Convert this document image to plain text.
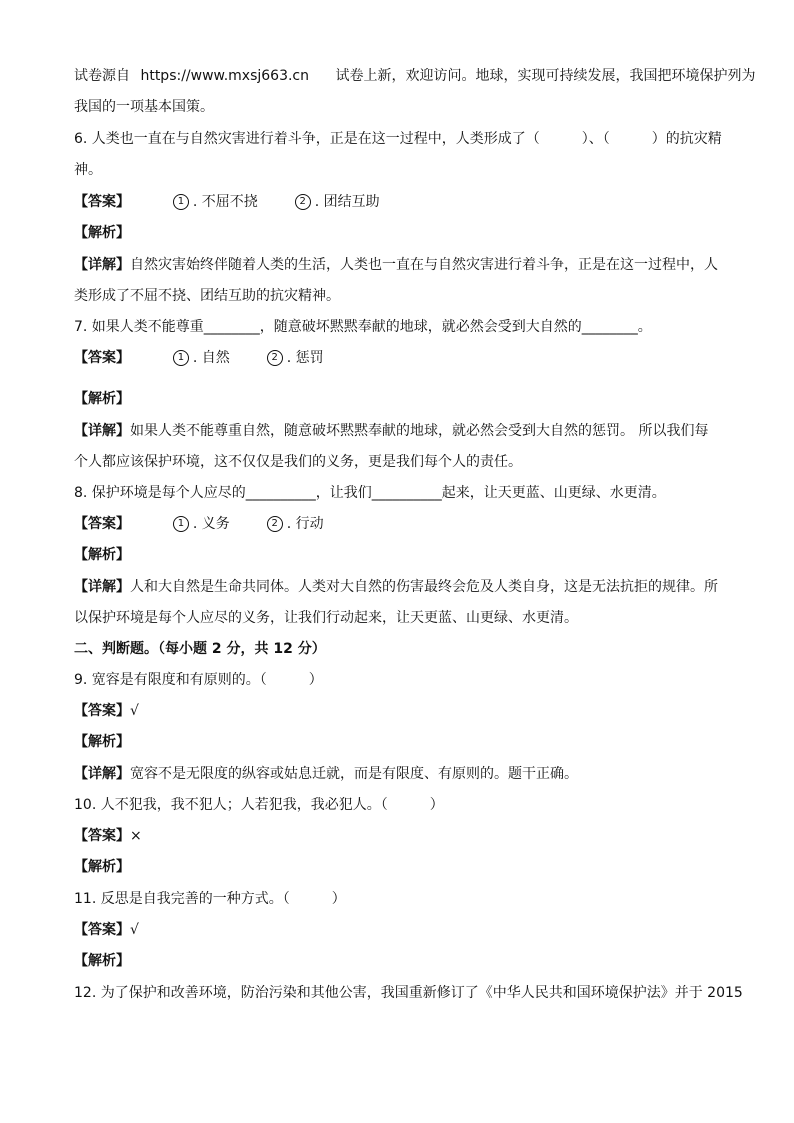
试卷源自 https://www.mxsj663.cn 试卷上新，欢迎访问。地球，实现可持续发展，我国把环境保护列为
我国的一项基本国策。
6. 人类也一直在与自然灾害进行着斗争，正是在这一过程中，人类形成了（　　　）、（　　　）的抗灾精
神。
【答案】	1 . 不屈不挠	2 . 团结互助
【解析】
【详解】自然灾害始终伴随着人类的生活，人类也一直在与自然灾害进行着斗争，正是在这一过程中，人
类形成了不屈不挠、团结互助的抗灾精神。
7. 如果人类不能尊重________，随意破坏黙黙奉献的地球，就必然会受到大自然的________。
【答案】	1 . 自然	2 . 惩罚
【解析】
【详解】如果人类不能尊重自然，随意破坏黙黙奉献的地球，就必然会受到大自然的惩罚。 所以我们每
个人都应该保护环境，这不仅仅是我们的义务，更是我们每个人的责任。
8. 保护环境是每个人应尽的__________，让我们__________起来，让天更蓝、山更绿、水更清。
【答案】	1 . 义务	2 . 行动
【解析】
【详解】人和大自然是生命共同体。人类对大自然的伤害最终会危及人类自身，这是无法抗拒的规律。所
以保护环境是每个人应尽的义务，让我们行动起来，让天更蓝、山更绿、水更清。
二、判断题。（每小题 2 分，共 12 分）
9. 宽容是有限度和有原则的。（　　　）
【答案】√
【解析】
【详解】宽容不是无限度的纵容或姑息迁就，而是有限度、有原则的。题干正确。
10. 人不犯我，我不犯人；人若犯我，我必犯人。（　　　）
【答案】×
【解析】
11. 反思是自我完善的一种方式。（　　　）
【答案】√
【解析】
12. 为了保护和改善环境，防治污染和其他公害，我国重新修订了《中华人民共和国环境保护法》并于 2015
